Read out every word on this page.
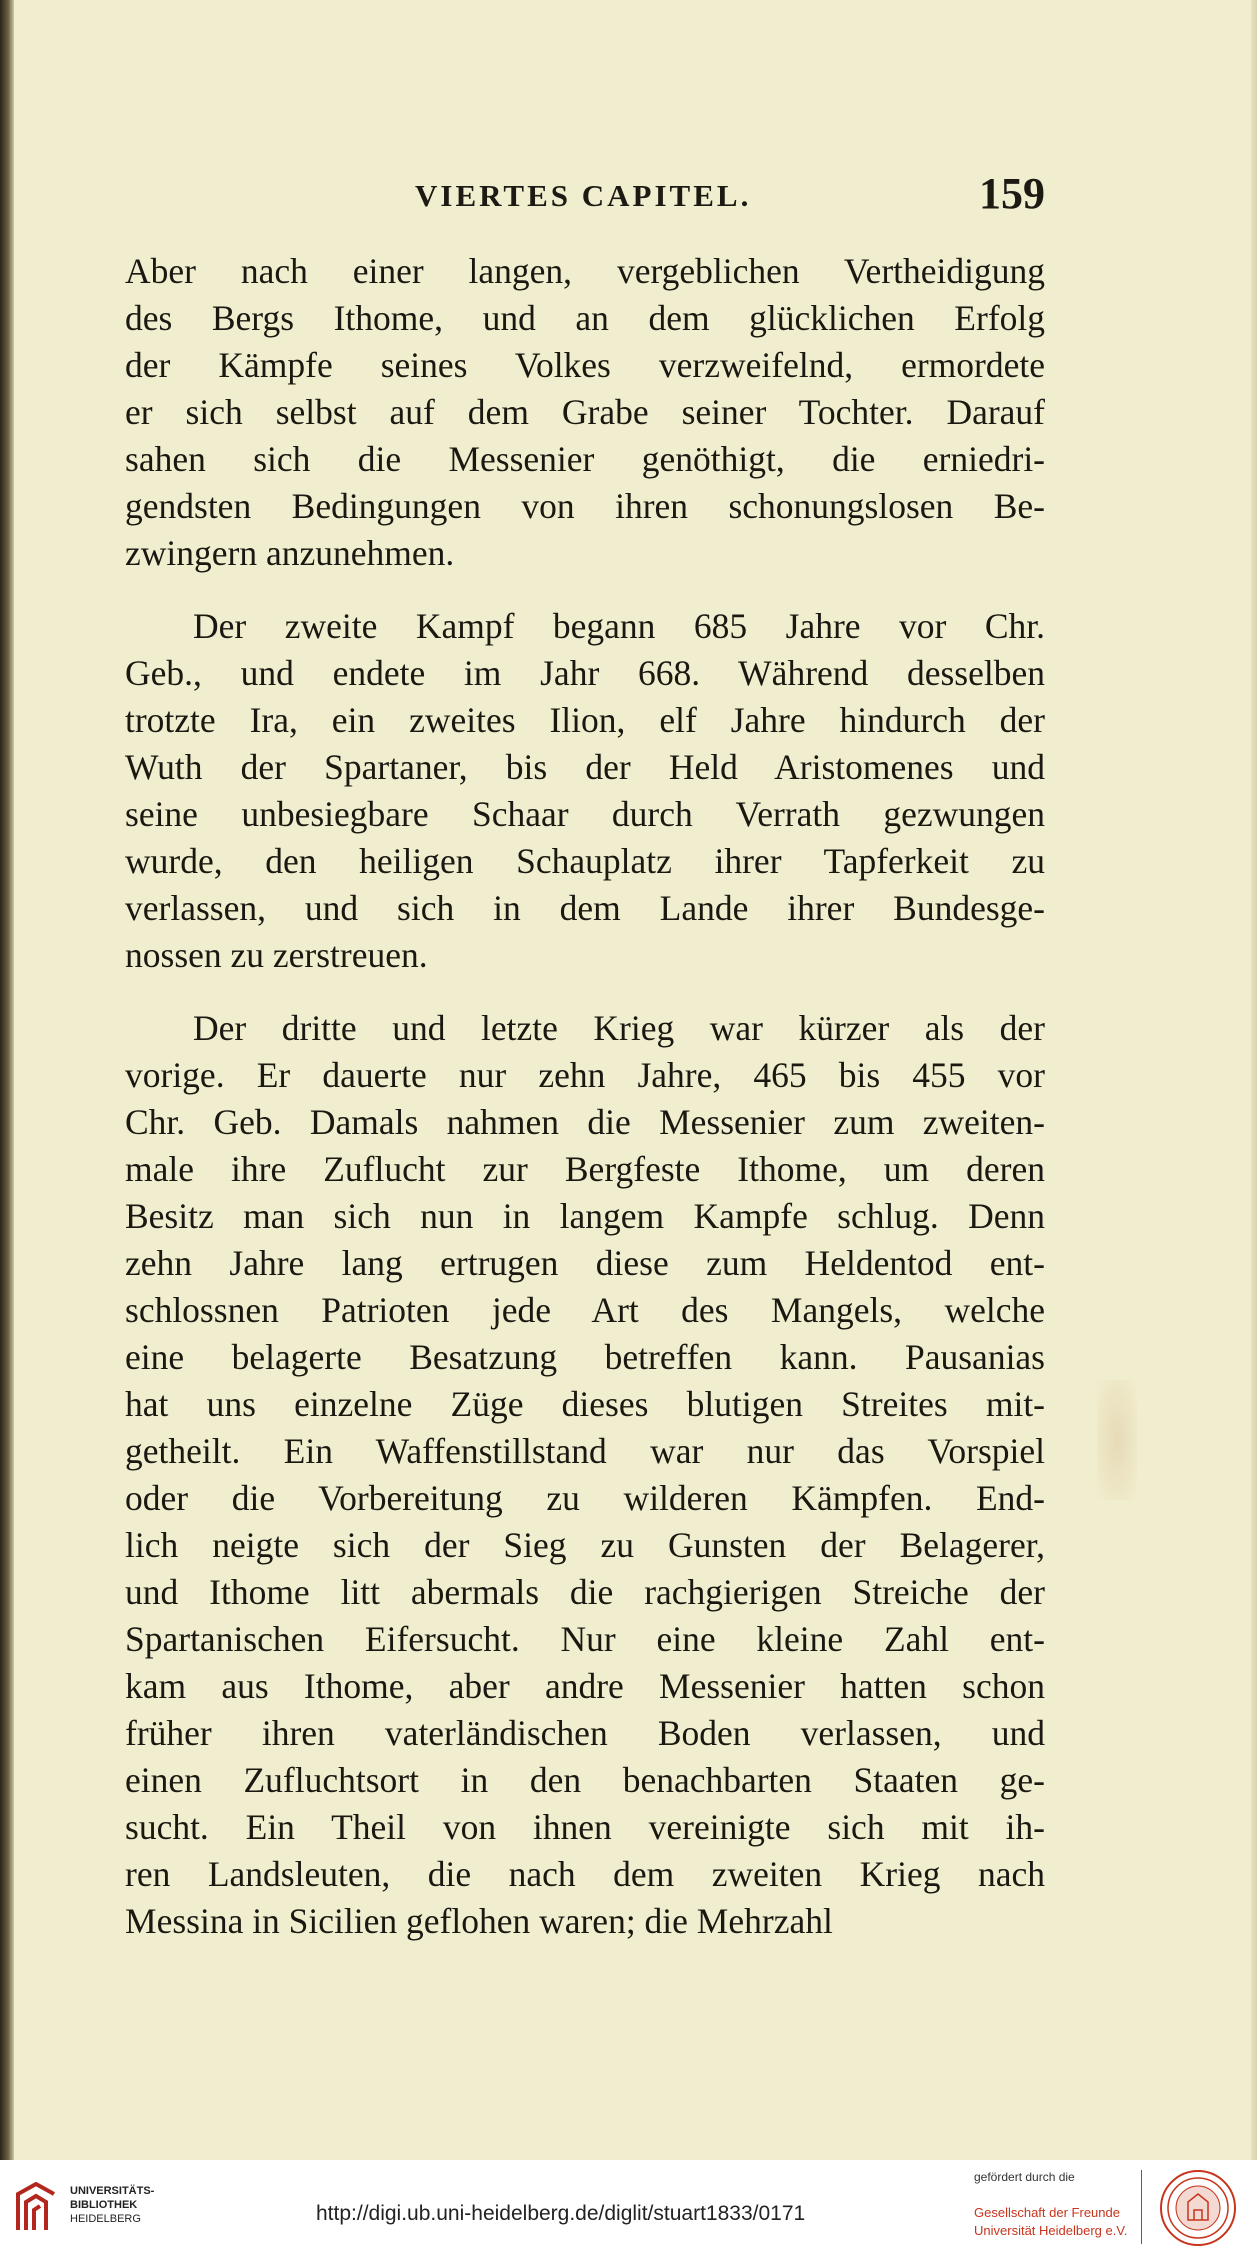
VIERTES CAPITEL.	159
Aber nach einer langen, vergeblichen Vertheidigung
des Bergs Ithome, und an dem glücklichen Erfolg
der Kämpfe seines Volkes verzweifelnd, ermordete
er sich selbst auf dem Grabe seiner Tochter. Darauf
sahen sich die Messenier genöthigt, die erniedri-
gendsten Bedingungen von ihren schonungslosen Be-
zwingern anzunehmen.
Der zweite Kampf begann 685 Jahre vor Chr.
Geb., und endete im Jahr 668. Während desselben
trotzte Ira, ein zweites Ilion, elf Jahre hindurch der
Wuth der Spartaner, bis der Held Aristomenes und
seine unbesiegbare Schaar durch Verrath gezwungen
wurde, den heiligen Schauplatz ihrer Tapferkeit zu
verlassen, und sich in dem Lande ihrer Bundesge-
nossen zu zerstreuen.
Der dritte und letzte Krieg war kürzer als der
vorige. Er dauerte nur zehn Jahre, 465 bis 455 vor
Chr. Geb. Damals nahmen die Messenier zum zweiten-
male ihre Zuflucht zur Bergfeste Ithome, um deren
Besitz man sich nun in langem Kampfe schlug. Denn
zehn Jahre lang ertrugen diese zum Heldentod ent-
schlossnen Patrioten jede Art des Mangels, welche
eine belagerte Besatzung betreffen kann. Pausanias
hat uns einzelne Züge dieses blutigen Streites mit-
getheilt. Ein Waffenstillstand war nur das Vorspiel
oder die Vorbereitung zu wilderen Kämpfen. End-
lich neigte sich der Sieg zu Gunsten der Belagerer,
und Ithome litt abermals die rachgierigen Streiche der
Spartanischen Eifersucht. Nur eine kleine Zahl ent-
kam aus Ithome, aber andre Messenier hatten schon
früher ihren vaterländischen Boden verlassen, und
einen Zufluchtsort in den benachbarten Staaten ge-
sucht. Ein Theil von ihnen vereinigte sich mit ih-
ren Landsleuten, die nach dem zweiten Krieg nach
Messina in Sicilien geflohen waren; die Mehrzahl
UNIVERSITÄTS-
BIBLIOTHEK
HEIDELBERG	http://digi.ub.uni-heidelberg.de/diglit/stuart1833/0171
gefördert durch die
Gesellschaft der Freunde
Universität Heidelberg e.V.
